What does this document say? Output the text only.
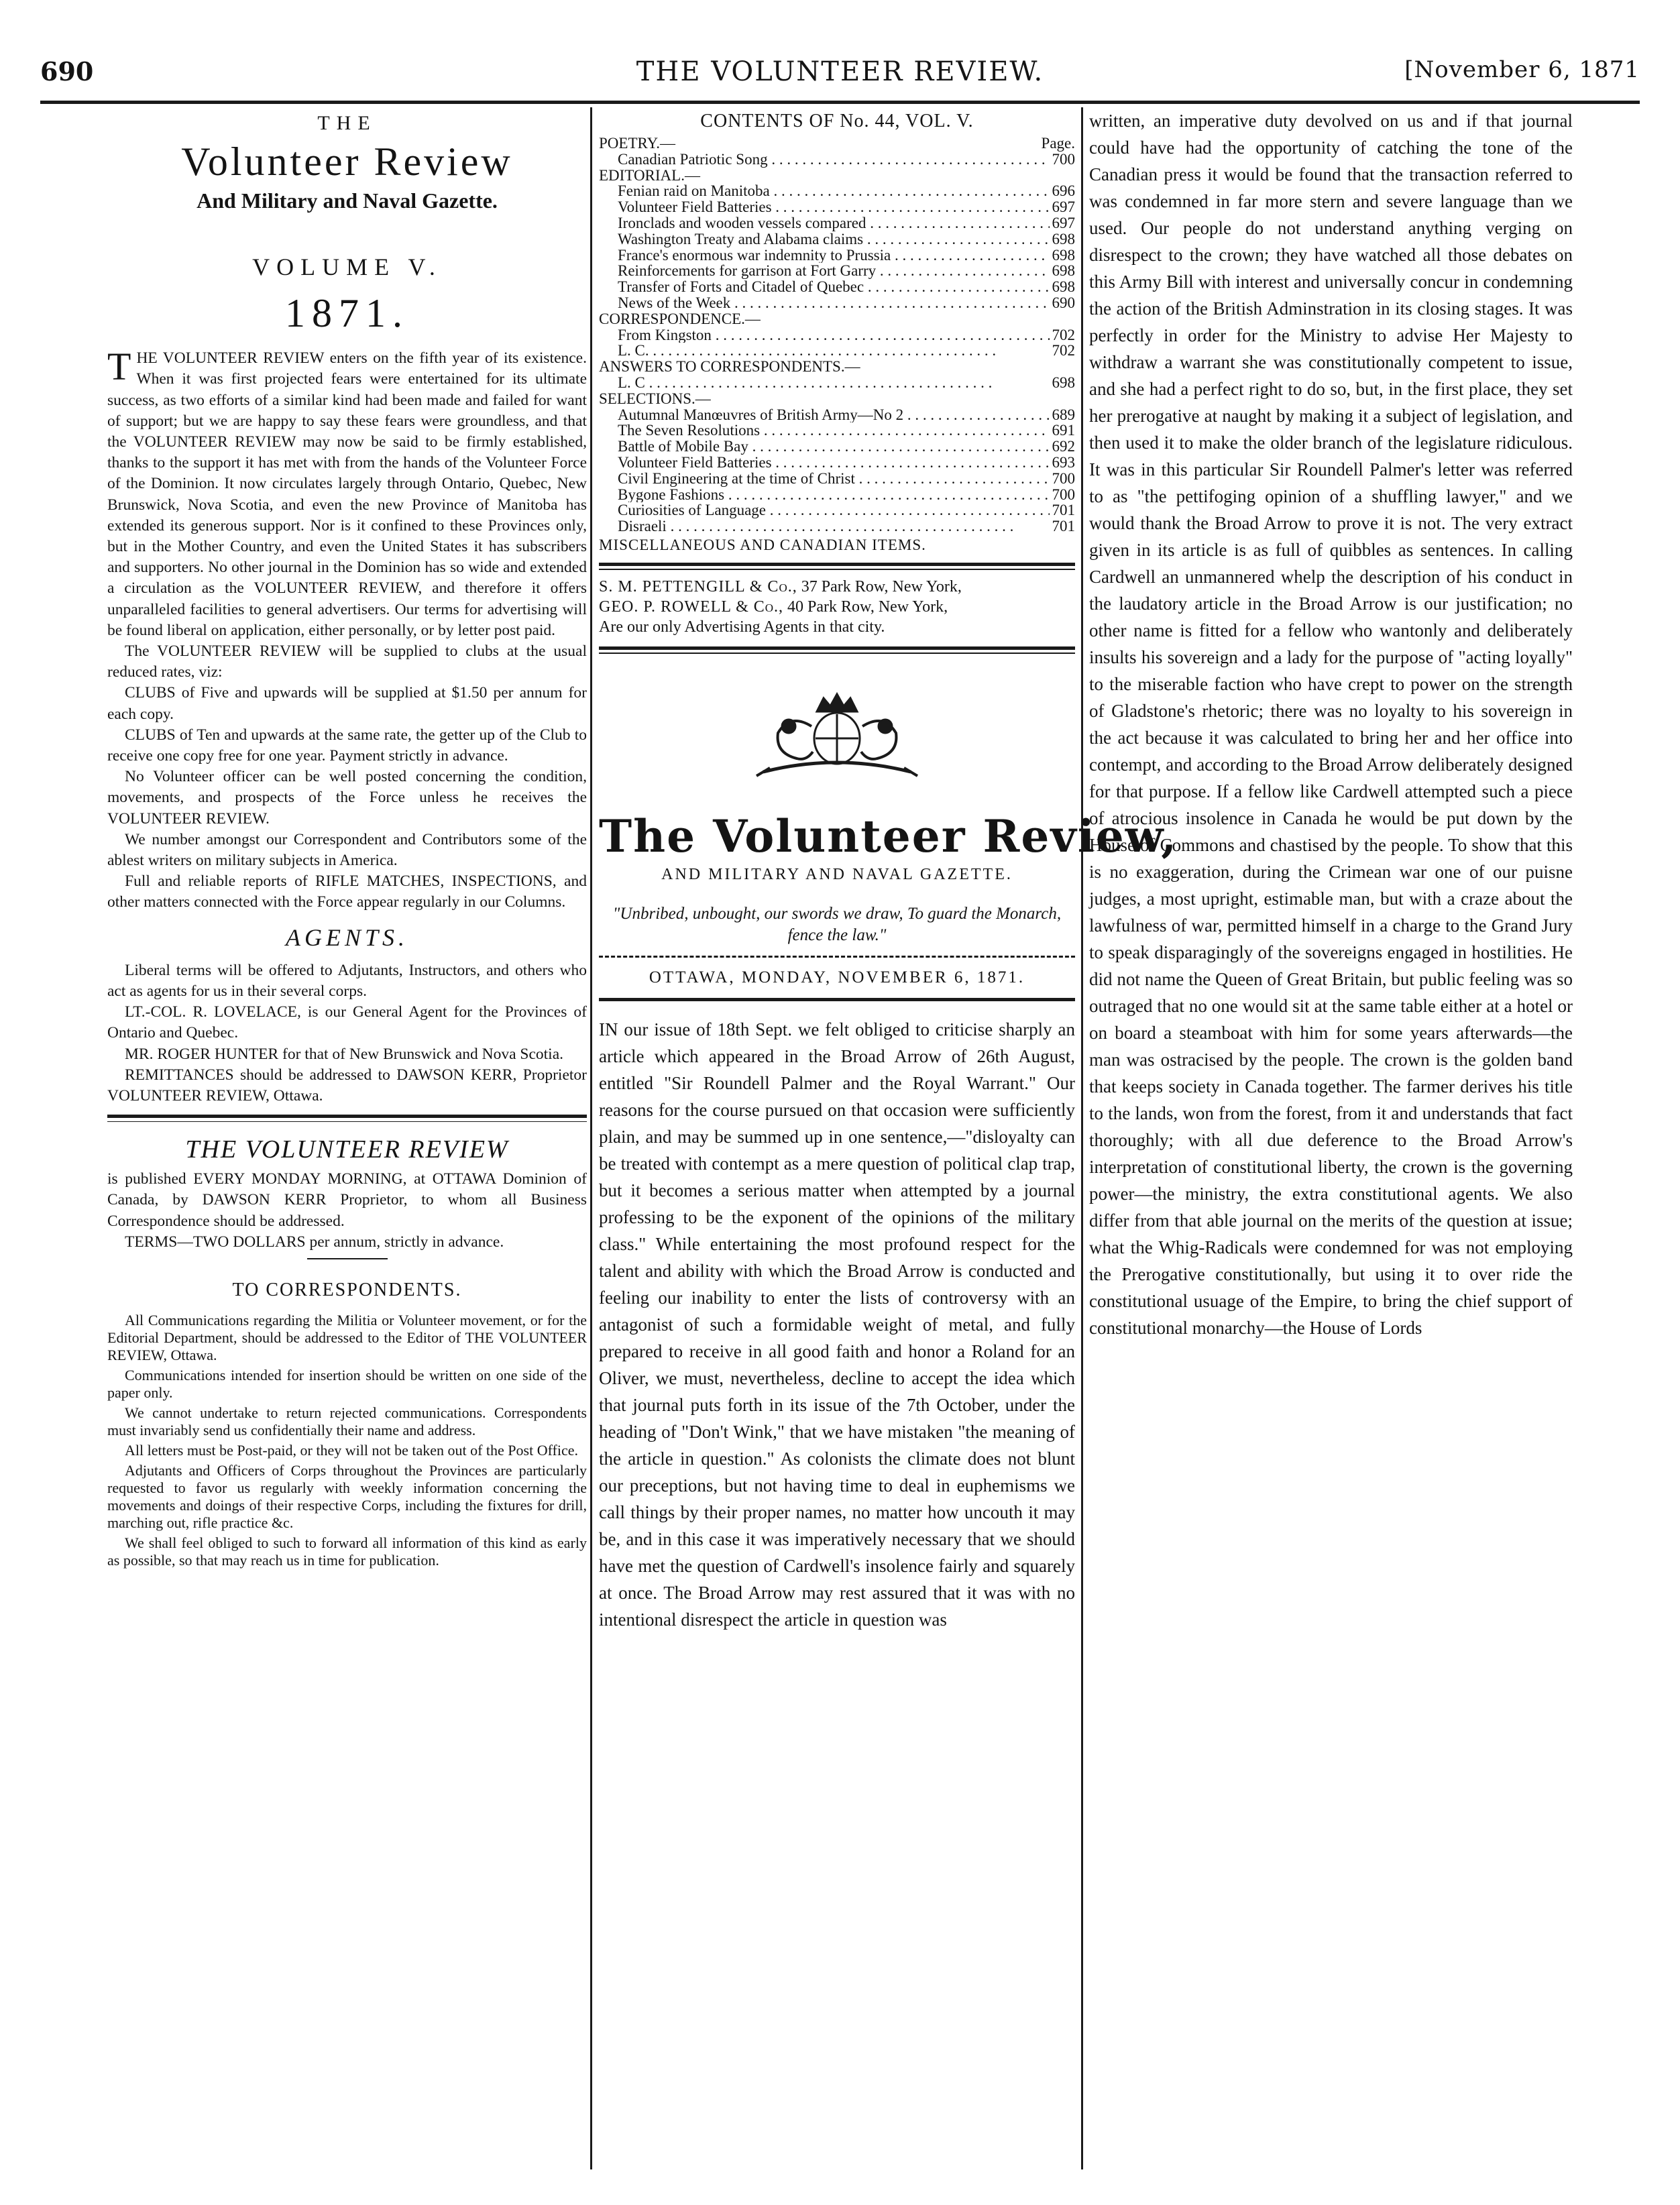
690	THE VOLUNTEER REVIEW.	[November 6, 1871
THE
Volunteer Review
And Military and Naval Gazette.
VOLUME V.
1871.

THE VOLUNTEER REVIEW enters on the fifth year of its existence. When it was first projected fears were entertained for its ultimate success, as two efforts of a similar kind had been made and failed for want of support; but we are happy to say these fears were groundless, and that the VOLUNTEER REVIEW may now be said to be firmly established, thanks to the support it has met with from the hands of the Volunteer Force of the Dominion. It now circulates largely through Ontario, Quebec, New Brunswick, Nova Scotia, and even the new Province of Manitoba has extended its generous support. Nor is it confined to these Provinces only, but in the Mother Country, and even the United States it has subscribers and supporters. No other journal in the Dominion has so wide and extended a circulation as the VOLUNTEER REVIEW, and therefore it offers unparalleled facilities to general advertisers. Our terms for advertising will be found liberal on application, either personally, or by letter post paid.

The VOLUNTEER REVIEW will be supplied to clubs at the usual reduced rates, viz:

CLUBS of Five and upwards will be supplied at $1.50 per annum for each copy.

CLUBS of Ten and upwards at the same rate, the getter up of the Club to receive one copy free for one year. Payment strictly in advance.

No Volunteer officer can be well posted concerning the condition, movements, and prospects of the Force unless he receives the VOLUNTEER REVIEW.

We number amongst our Correspondent and Contributors some of the ablest writers on military subjects in America.

Full and reliable reports of RIFLE MATCHES, INSPECTIONS, and other matters connected with the Force appear regularly in our Columns.

AGENTS.

Liberal terms will be offered to Adjutants, Instructors, and others who act as agents for us in their several corps.

LT.-COL. R. LOVELACE, is our General Agent for the Provinces of Ontario and Quebec.

MR. ROGER HUNTER for that of New Brunswick and Nova Scotia.

REMITTANCES should be addressed to DAWSON KERR, Proprietor VOLUNTEER REVIEW, Ottawa.

THE VOLUNTEER REVIEW

is published EVERY MONDAY MORNING, at OTTAWA Dominion of Canada, by DAWSON KERR Proprietor, to whom all Business Correspondence should be addressed.

TERMS—TWO DOLLARS per annum, strictly in advance.

TO CORRESPONDENTS.

All Communications regarding the Militia or Volunteer movement, or for the Editorial Department, should be addressed to the Editor of THE VOLUNTEER REVIEW, Ottawa.

Communications intended for insertion should be written on one side of the paper only.

We cannot undertake to return rejected communications. Correspondents must invariably send us confidentially their name and address.

All letters must be Post-paid, or they will not be taken out of the Post Office.

Adjutants and Officers of Corps throughout the Provinces are particularly requested to favor us regularly with weekly information concerning the movements and doings of their respective Corps, including the fixtures for drill, marching out, rifle practice &c.

We shall feel obliged to such to forward all information of this kind as early as possible, so that may reach us in time for publication.

CONTENTS OF No. 44, VOL. V.
POETRY.—	Page.
Canadian Patriotic Song . . .	700
EDITORIAL.—
Fenian raid on Manitoba . . .	696
Volunteer Field Batteries . . .	697
Ironclads and wooden vessels compared . . .	697
Washington Treaty and Alabama claims . . .	698
France's enormous war indemnity to Prussia . . .	698
Reinforcements for garrison at Fort Garry . . .	698
Transfer of Forts and Citadel of Quebec . . .	698
News of the Week . . .	690
CORRESPONDENCE.—
From Kingston . . .	702
L. C. . . .	702
ANSWERS TO CORRESPONDENTS.—
L. C . . .	698
SELECTIONS.—
Autumnal Manœuvres of British Army—No 2 . . .	689
The Seven Resolutions . . .	691
Battle of Mobile Bay . . .	692
Volunteer Field Batteries . . .	693
Civil Engineering at the time of Christ . . .	700
Bygone Fashions . . .	700
Curiosities of Language . . .	701
Disraeli . . .	701
MISCELLANEOUS AND CANADIAN ITEMS.
S. M. PETTENGILL & Co., 37 Park Row, New York,
GEO. P. ROWELL & Co., 40 Park Row, New York,
Are our only Advertising Agents in that city.
The Volunteer Review,
AND MILITARY AND NAVAL GAZETTE.
"Unbribed, unbought, our swords we draw, To guard the Monarch, fence the law."
OTTAWA, MONDAY, NOVEMBER 6, 1871.

IN our issue of 18th Sept. we felt obliged to criticise sharply an article which appeared in the Broad Arrow of 26th August, entitled "Sir Roundell Palmer and the Royal Warrant." Our reasons for the course pursued on that occasion were sufficiently plain, and may be summed up in one sentence,—"disloyalty can be treated with contempt as a mere question of political clap trap, but it becomes a serious matter when attempted by a journal professing to be the exponent of the opinions of the military class." While entertaining the most profound respect for the talent and ability with which the Broad Arrow is conducted and feeling our inability to enter the lists of controversy with an antagonist of such a formidable weight of metal, and fully prepared to receive in all good faith and honor a Roland for an Oliver, we must, nevertheless, decline to accept the idea which that journal puts forth in its issue of the 7th October, under the heading of "Don't Wink," that we have mistaken "the meaning of the article in question." As colonists the climate does not blunt our preceptions, but not having time to deal in euphemisms we call things by their proper names, no matter how uncouth it may be, and in this case it was imperatively necessary that we should have met the question of Cardwell's insolence fairly and squarely at once. The Broad Arrow may rest assured that it was with no intentional disrespect the article in question was

written, an imperative duty devolved on us and if that journal could have had the opportunity of catching the tone of the Canadian press it would be found that the transaction referred to was condemned in far more stern and severe language than we used. Our people do not understand anything verging on disrespect to the crown; they have watched all those debates on this Army Bill with interest and universally concur in condemning the action of the British Adminstration in its closing stages. It was perfectly in order for the Ministry to advise Her Majesty to withdraw a warrant she was constitutionally competent to issue, and she had a perfect right to do so, but, in the first place, they set her prerogative at naught by making it a subject of legislation, and then used it to make the older branch of the legislature ridiculous. It was in this particular Sir Roundell Palmer's letter was referred to as "the pettifoging opinion of a shuffling lawyer," and we would thank the Broad Arrow to prove it is not. The very extract given in its article is as full of quibbles as sentences. In calling Cardwell an unmannered whelp the description of his conduct in the laudatory article in the Broad Arrow is our justification; no other name is fitted for a fellow who wantonly and deliberately insults his sovereign and a lady for the purpose of "acting loyally" to the miserable faction who have crept to power on the strength of Gladstone's rhetoric; there was no loyalty to his sovereign in the act because it was calculated to bring her and her office into contempt, and according to the Broad Arrow deliberately designed for that purpose. If a fellow like Cardwell attempted such a piece of atrocious insolence in Canada he would be put down by the House of Commons and chastised by the people. To show that this is no exaggeration, during the Crimean war one of our puisne judges, a most upright, estimable man, but with a craze about the lawfulness of war, permitted himself in a charge to the Grand Jury to speak disparagingly of the sovereigns engaged in hostilities. He did not name the Queen of Great Britain, but public feeling was so outraged that no one would sit at the same table either at a hotel or on board a steamboat with him for some years afterwards—the man was ostracised by the people. The crown is the golden band that keeps society in Canada together. The farmer derives his title to the lands, won from the forest, from it and understands that fact thoroughly; with all due deference to the Broad Arrow's interpretation of constitutional liberty, the crown is the governing power—the ministry, the extra constitutional agents. We also differ from that able journal on the merits of the question at issue; what the Whig-Radicals were condemned for was not employing the Prerogative constitutionally, but using it to over ride the constitutional usuage of the Empire, to bring the chief support of constitutional monarchy—the House of Lords
